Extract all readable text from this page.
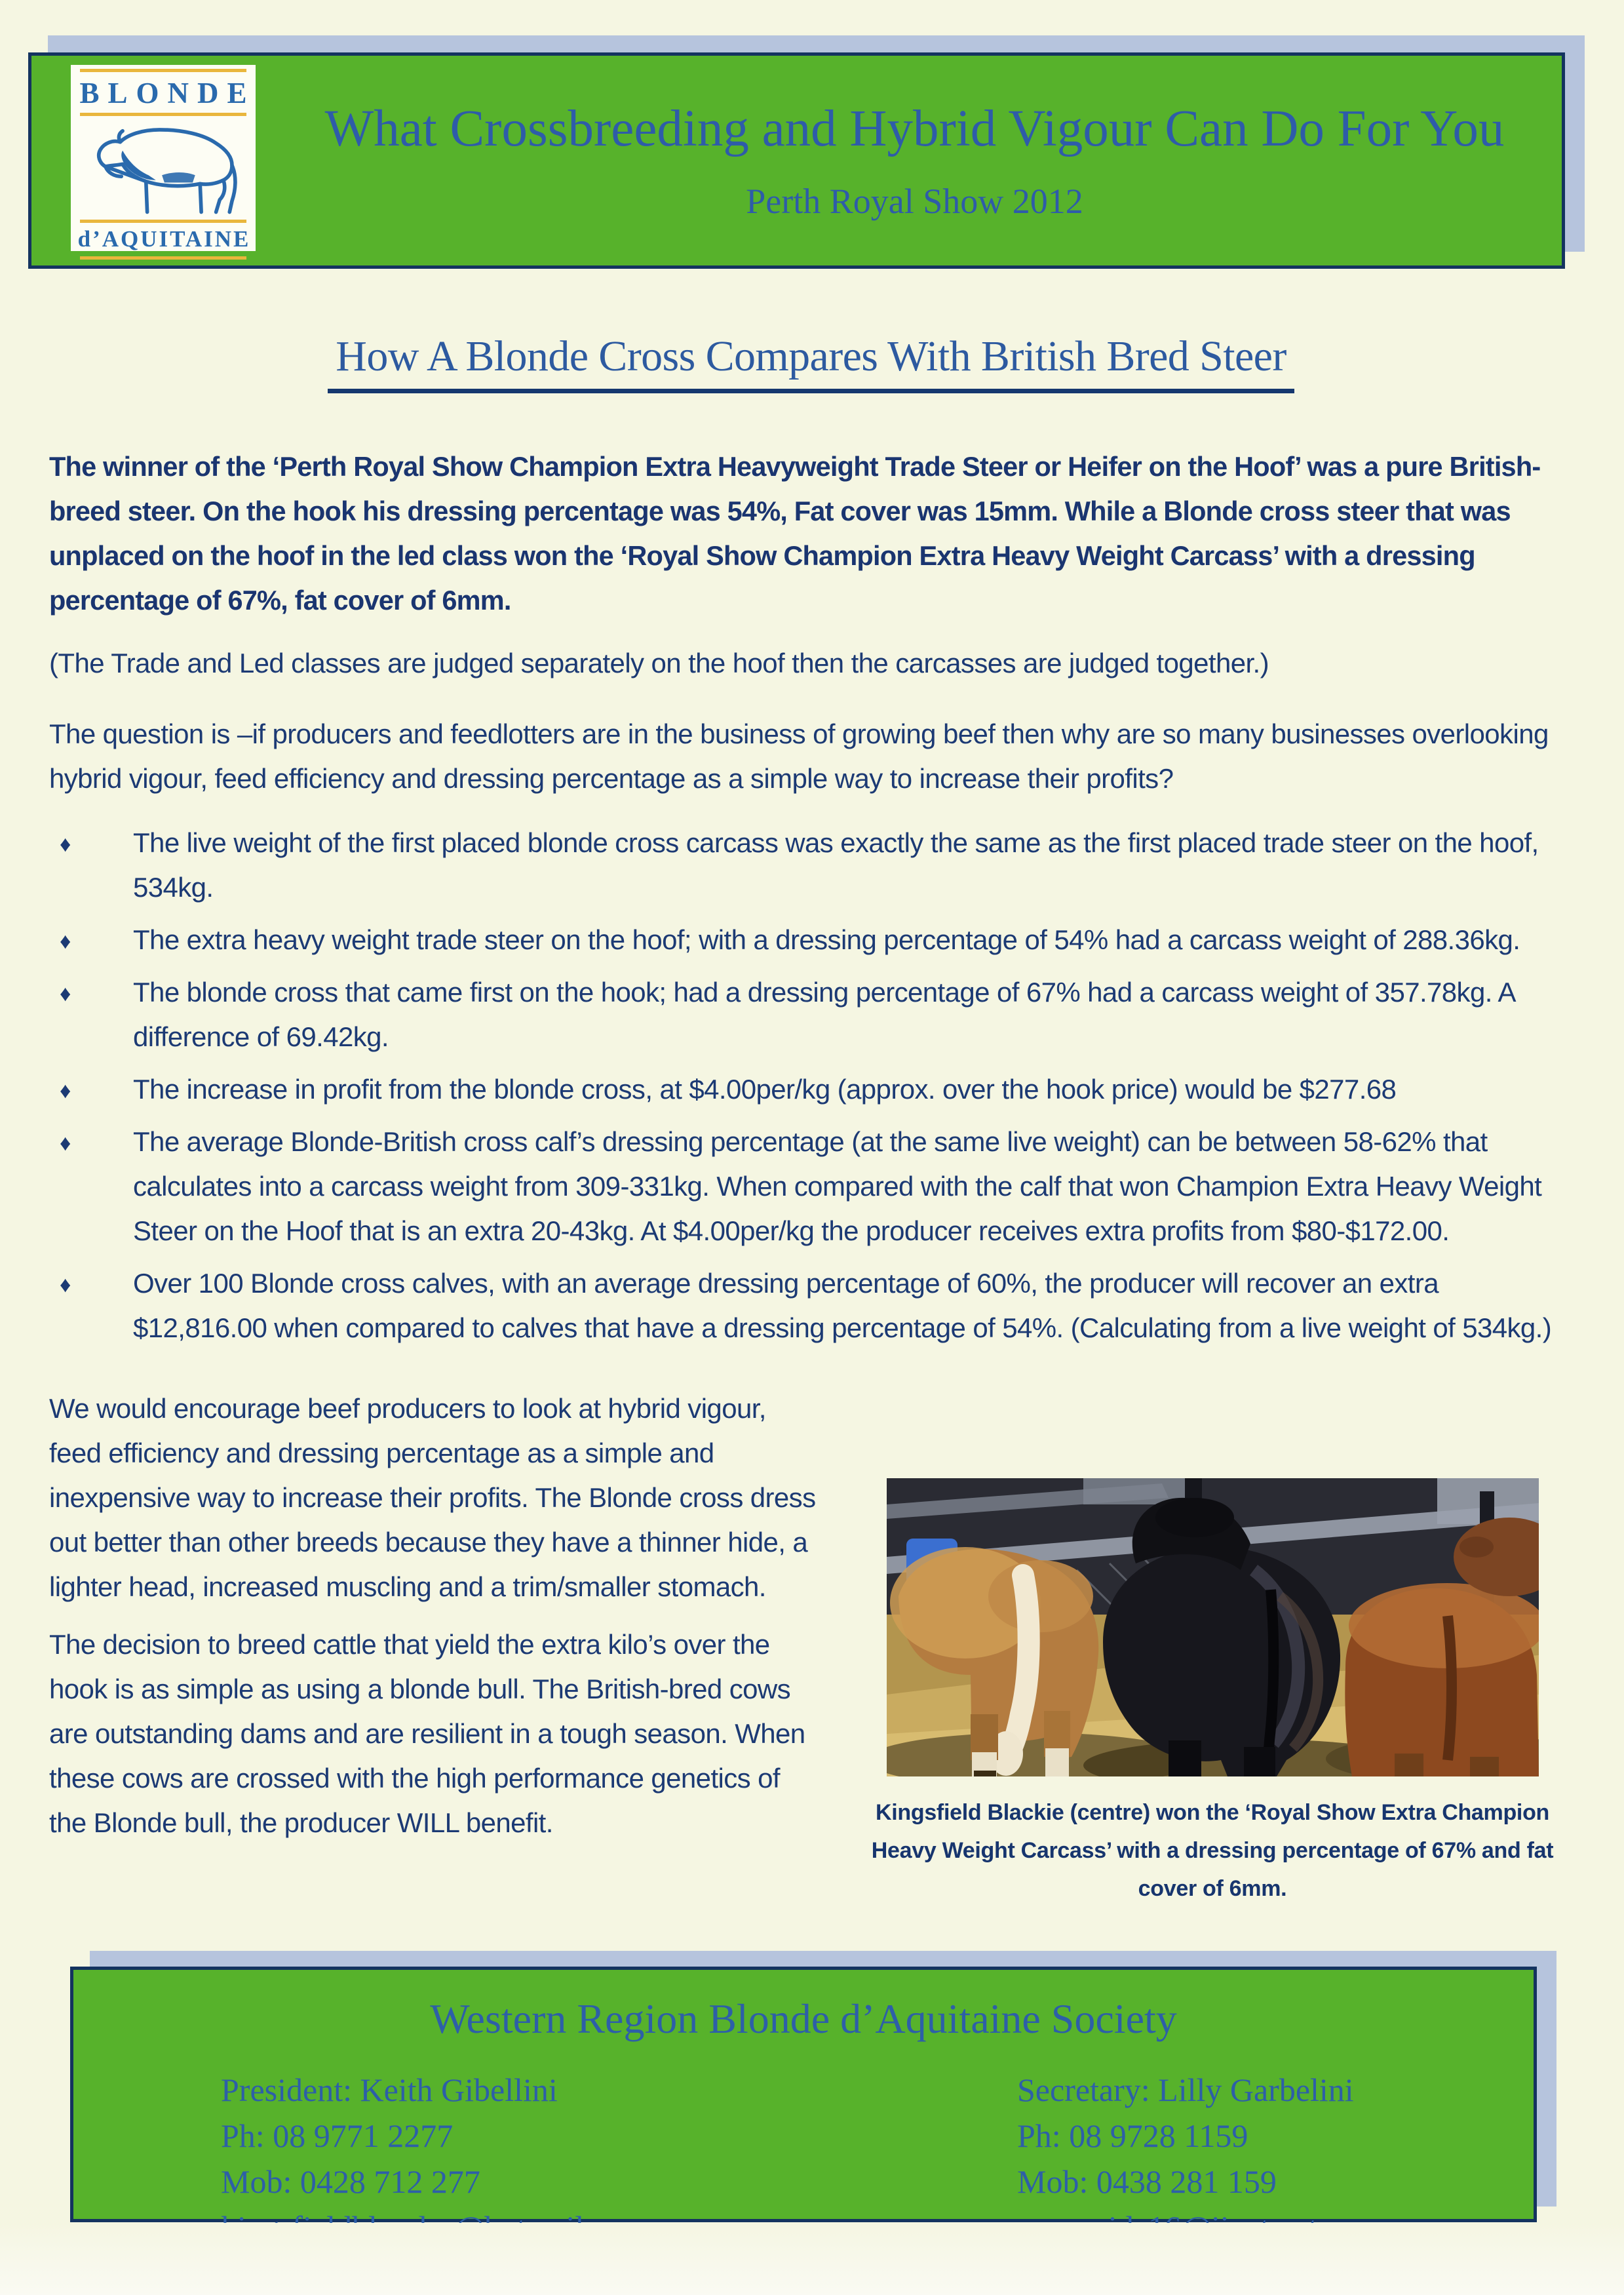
BLONDE
d’AQUITAINE
What Crossbreeding and Hybrid Vigour Can Do For You
Perth Royal Show 2012
How A Blonde Cross Compares With British Bred Steer
The winner of the ‘Perth Royal Show Champion Extra Heavyweight Trade Steer or Heifer on the Hoof’ was a pure British-breed steer. On the hook his dressing percentage was 54%, Fat cover was 15mm. While a Blonde cross steer that was unplaced on the hoof in the led class won the ‘Royal Show Champion Extra Heavy Weight Carcass’ with a dressing percentage of 67%, fat cover of 6mm.
(The Trade and Led classes are judged separately on the hoof then the carcasses are judged together.)
The question is –if producers and feedlotters are in the business of growing beef then why are so many businesses overlooking hybrid vigour, feed efficiency and dressing percentage as a simple way to increase their profits?
♦ The live weight of the first placed blonde cross carcass was exactly the same as the first placed trade steer on the hoof, 534kg.
♦ The extra heavy weight trade steer on the hoof; with a dressing percentage of 54% had a carcass weight of 288.36kg.
♦ The blonde cross that came first on the hook; had a dressing percentage of 67% had a carcass weight of 357.78kg. A difference of 69.42kg.
♦ The increase in profit from the blonde cross, at $4.00per/kg (approx. over the hook price) would be $277.68
♦ The average Blonde-British cross calf’s dressing percentage (at the same live weight) can be between 58-62% that calculates into a carcass weight from 309-331kg. When compared with the calf that won Champion Extra Heavy Weight Steer on the Hoof that is an extra 20-43kg. At $4.00per/kg the producer receives extra profits from $80-$172.00.
♦ Over 100 Blonde cross calves, with an average dressing percentage of 60%, the producer will recover an extra $12,816.00 when compared to calves that have a dressing percentage of 54%. (Calculating from a live weight of 534kg.)
Kingsfield Blackie (centre) won the ‘Royal Show Extra Champion Heavy Weight Carcass’ with a dressing percentage of 67% and fat cover of 6mm.
We would encourage beef producers to look at hybrid vigour, feed efficiency and dressing percentage as a simple and inexpensive way to increase their profits. The Blonde cross dress out better than other breeds because they have a thinner hide, a lighter head, increased muscling and a trim/smaller stomach.
The decision to breed cattle that yield the extra kilo’s over the hook is as simple as using a blonde bull. The British-bred cows are outstanding dams and are resilient in a tough season. When these cows are crossed with the high performance genetics of the Blonde bull, the producer WILL benefit.
Western Region Blonde d’Aquitaine Society
President: Keith Gibellini
Ph: 08 9771 2277
Mob: 0428 712 277
Secretary: Lilly Garbelini
Ph: 08 9728 1159
Mob: 0438 281 159
